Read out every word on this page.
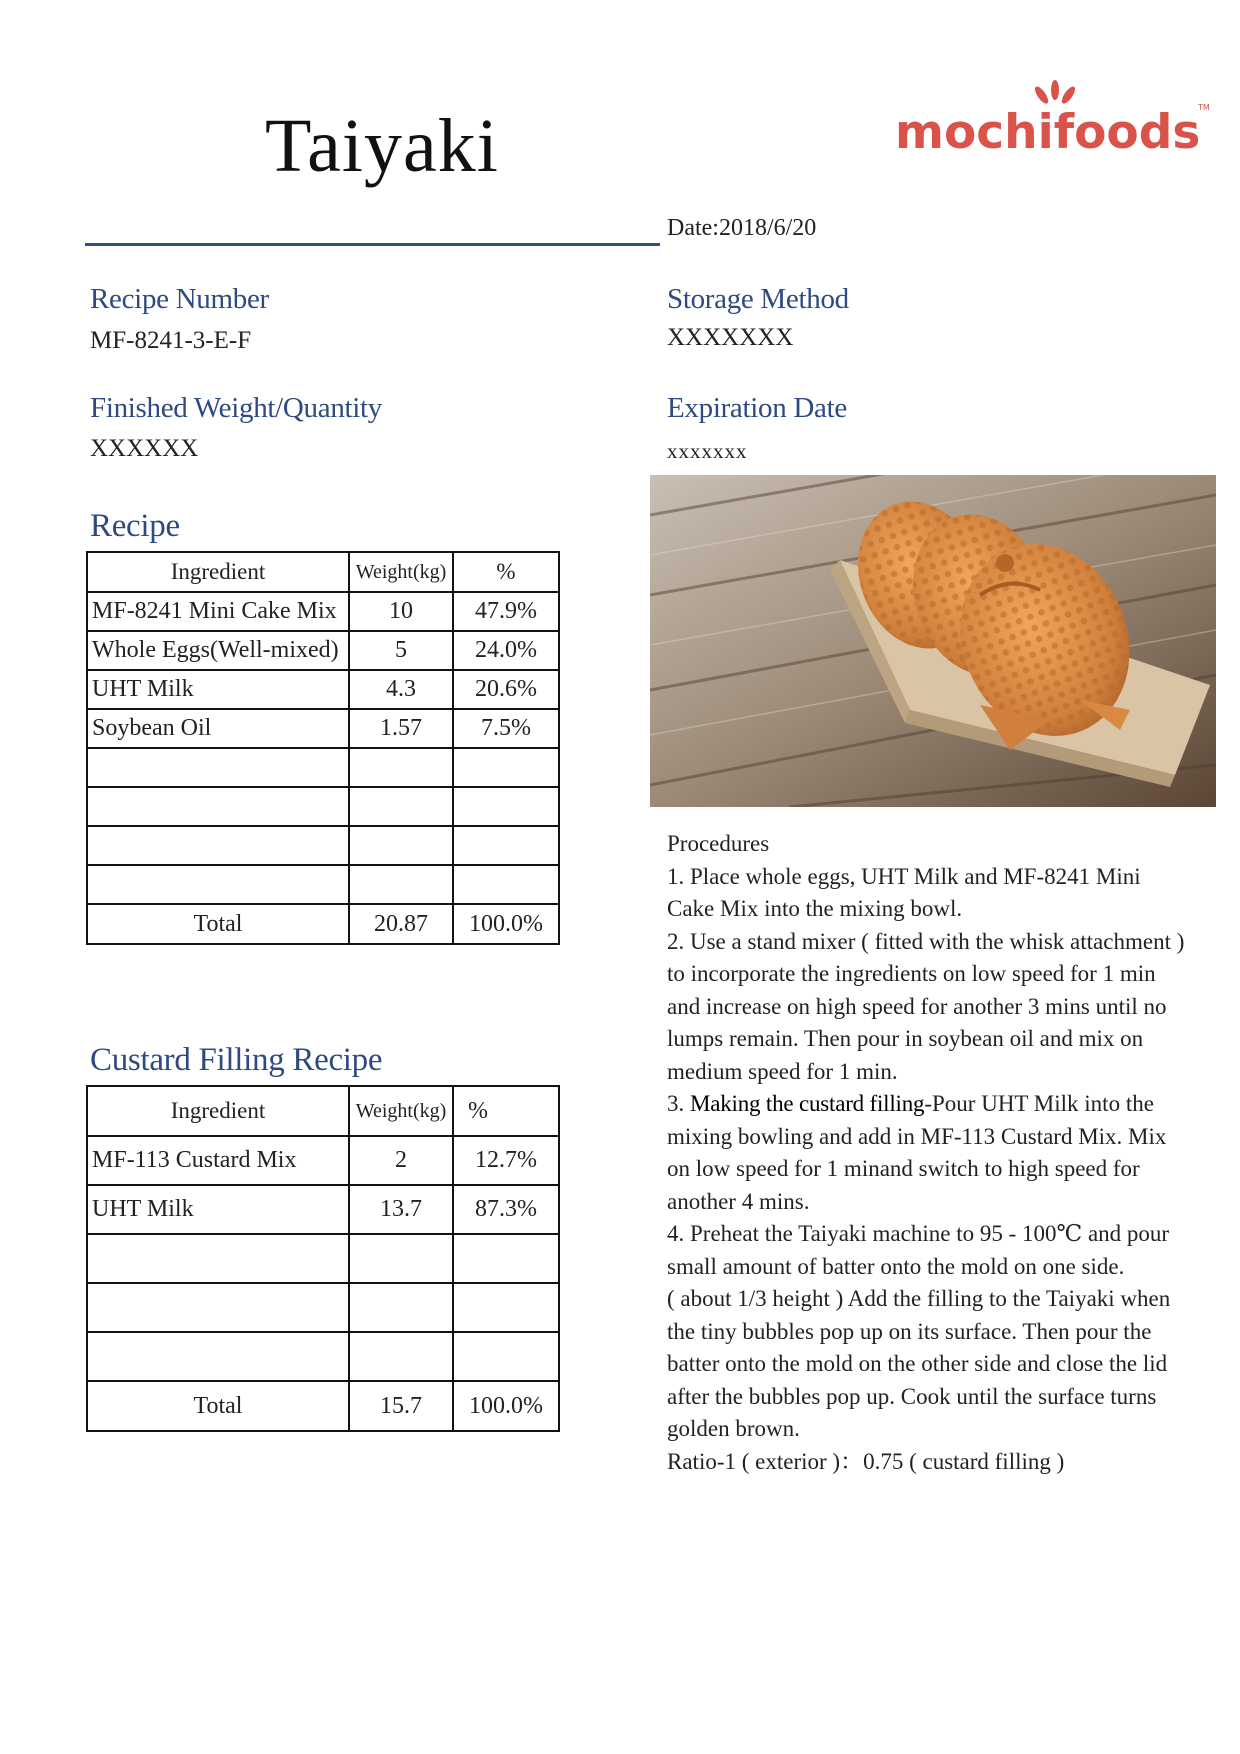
Taiyaki	mochifoods
TM
Date:2018/6/20
Recipe Number
MF-8241-3-E-F
Storage Method
XXXXXXX
Finished Weight/Quantity
XXXXXX
Expiration Date
xxxxxxx
Recipe
Ingredient	Weight(kg)	%
MF-8241 Mini Cake Mix	10	47.9%
Whole Eggs(Well-mixed)	5	24.0%
UHT Milk	4.3	20.6%
Soybean Oil	1.57	7.5%

Total	20.87	100.0%
Custard Filling Recipe
Ingredient	Weight(kg)	%
MF-113 Custard Mix	2	12.7%
UHT Milk	13.7	87.3%

Total	15.7	100.0%

Procedures

1. Place whole eggs, UHT Milk and MF-8241 Mini Cake Mix into the mixing bowl.

2. Use a stand mixer ( fitted with the whisk attachment ) to incorporate the ingredients on low speed for 1 min and increase on high speed for another 3 mins until no lumps remain. Then pour in soybean oil and mix on medium speed for 1 min.

3. Making the custard filling-Pour UHT Milk into the mixing bowling and add in MF-113 Custard Mix. Mix on low speed for 1 minand switch to high speed for another 4 mins.

4. Preheat the Taiyaki machine to 95 - 100℃ and pour small amount of batter onto the mold on one side.

( about 1/3 height ) Add the filling to the Taiyaki when the tiny bubbles pop up on its surface. Then pour the batter onto the mold on the other side and close the lid after the bubbles pop up. Cook until the surface turns golden brown.

Ratio-1 ( exterior )：0.75 ( custard filling )
